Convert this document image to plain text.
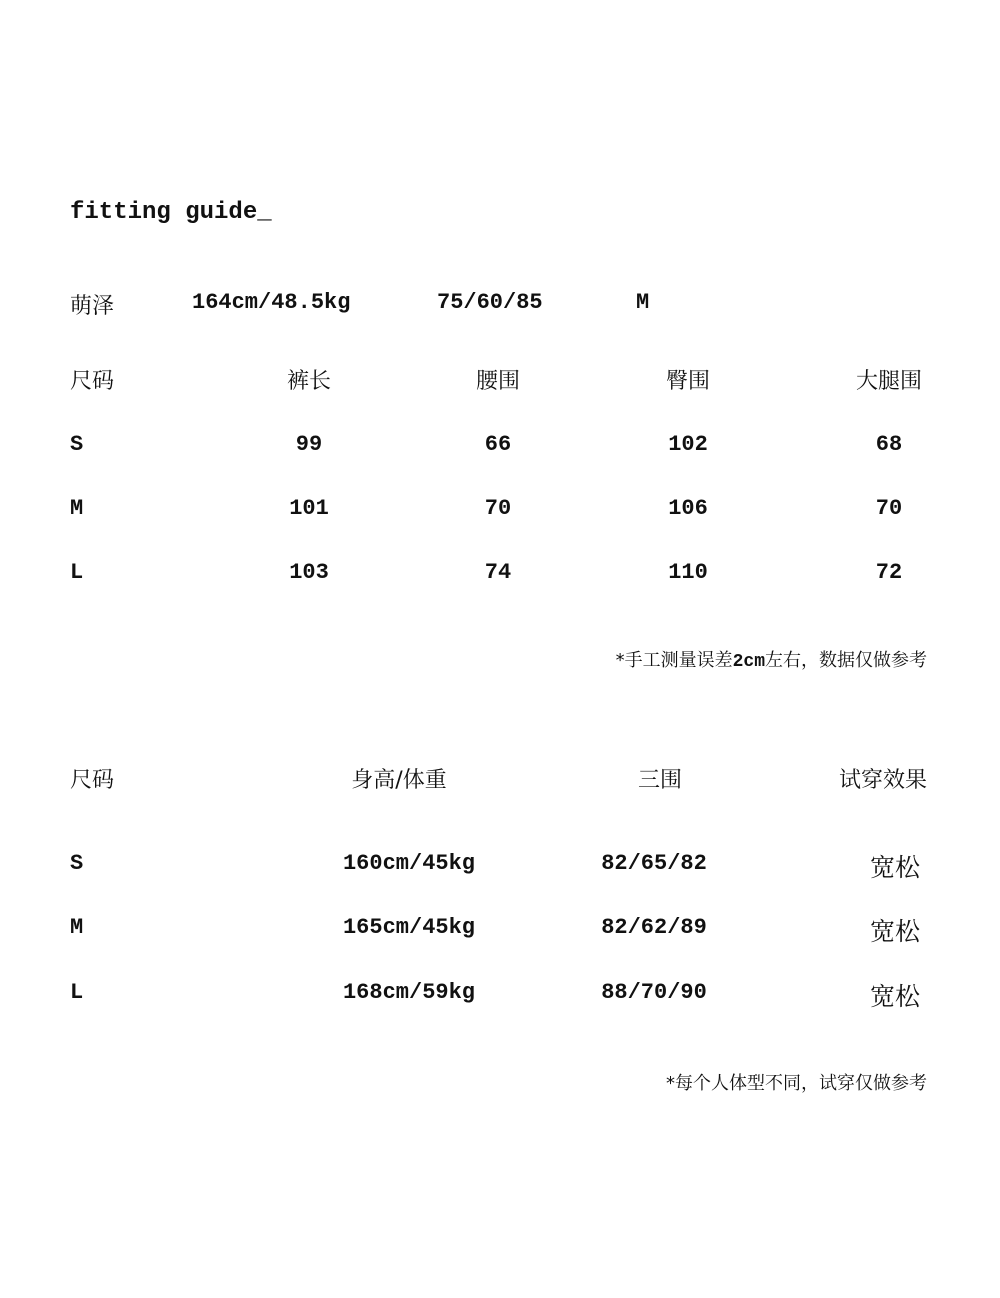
fitting guide_
萌泽	164cm/48.5kg	75/60/85	M
尺码	裤长	腰围	臀围	大腿围
S	99	66	102	68
M	101	70	106	70
L	103	74	110	72
*手工测量误差2cm左右，数据仅做参考
尺码	身高/体重	三围	试穿效果
S	160cm/45kg	82/65/82	宽松
M	165cm/45kg	82/62/89	宽松
L	168cm/59kg	88/70/90	宽松
*每个人体型不同，试穿仅做参考
